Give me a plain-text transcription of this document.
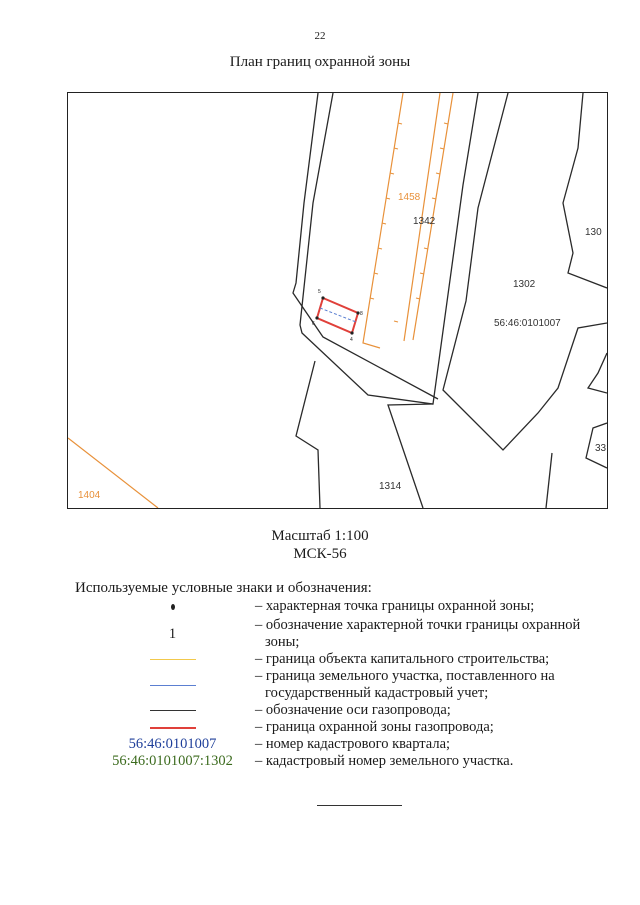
22
План границ охранной зоны
5
6
8
4
1458
1342
1302
130
56:46:0101007
1314
1404
33
Масштаб 1:100
МСК-56
Используемые условные знаки и обозначения:
– характерная точка границы охранной зоны;
1
– обозначение характерной точки границы охранной
зоны;
– граница объекта капитального строительства;
– граница земельного участка, поставленного на
государственный кадастровый учет;
– обозначение оси газопровода;
– граница охранной зоны газопровода;
56:46:0101007	– номер кадастрового квартала;
56:46:0101007:1302 – кадастровый номер земельного участка.
